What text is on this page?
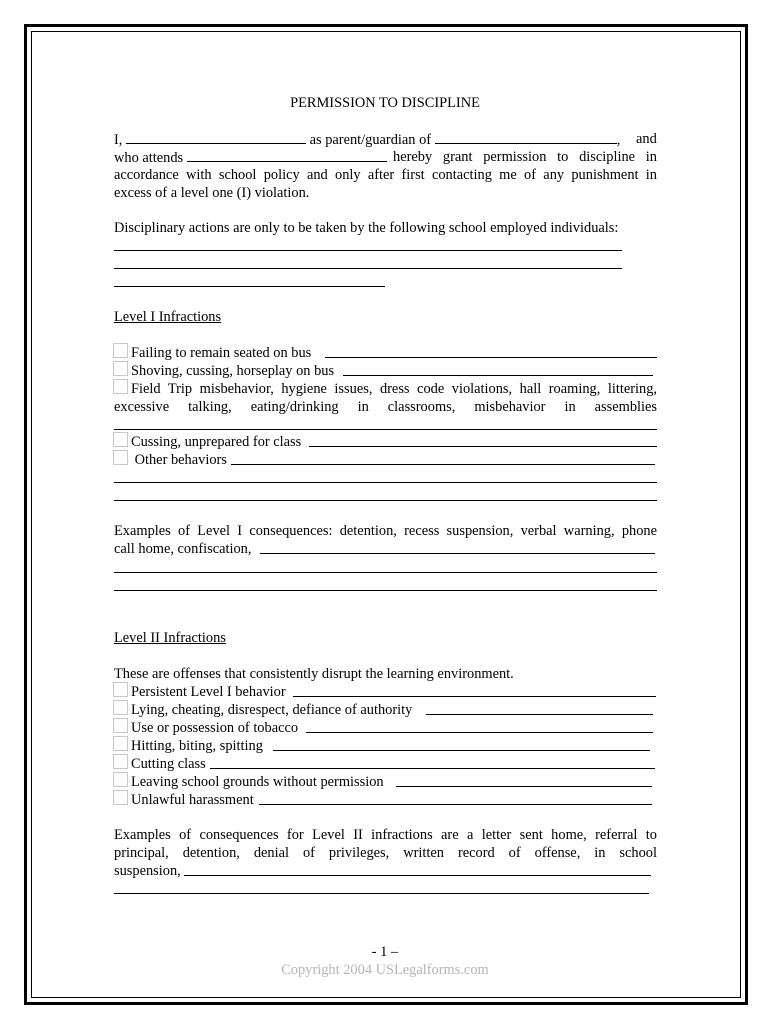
PERMISSION TO DISCIPLINE
I,	as parent/guardian of	, and
who attends	hereby grant permission to discipline in
accordance with school policy and only after first contacting me of any punishment in
excess of a level one (I) violation.
Disciplinary actions are only to be taken by the following school employed individuals:
Level I Infractions
Failing to remain seated on bus
Shoving, cussing, horseplay on bus
Field Trip misbehavior, hygiene issues, dress code violations, hall roaming, littering,
excessive talking, eating/drinking in classrooms, misbehavior in assemblies
Cussing, unprepared for class
Other behaviors
Examples of Level I consequences: detention, recess suspension, verbal warning, phone
call home, confiscation,
Level II Infractions
These are offenses that consistently disrupt the learning environment.
Persistent Level I behavior
Lying, cheating, disrespect, defiance of authority
Use or possession of tobacco
Hitting, biting, spitting
Cutting class
Leaving school grounds without permission
Unlawful harassment
Examples of consequences for Level II infractions are a letter sent home, referral to
principal, detention, denial of privileges, written record of offense, in school
suspension,
- 1 –
Copyright 2004 USLegalforms.com
